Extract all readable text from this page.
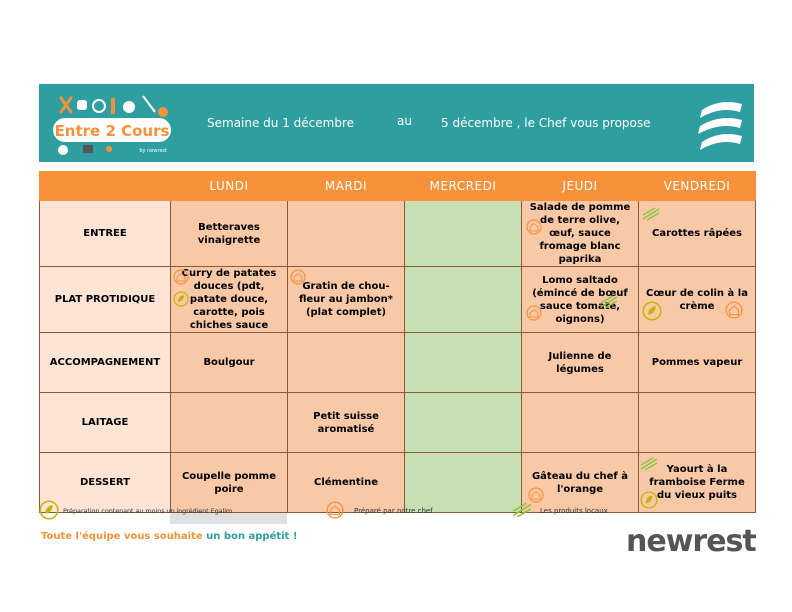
Entre 2 Cours
by newrest
Semaine du 1 décembre	au 5 décembre , le Chef vous propose
	LUNDI	MARDI	MERCREDI	JEUDI	VENDREDI
ENTREE	Betteraves vinaigrette			Salade de pomme de terre olive, œuf, sauce fromage blanc paprika	Carottes râpées

PLAT PROTIDIQUE	Curry de patates douces (pdt, patate douce, carotte, pois chiches sauce	Gratin de chou-fleur au jambon* (plat complet)		Lomo saltado (émincé de bœuf sauce tomate, oignons)	Cœur de colin à la crème

ACCOMPAGNEMENT	Boulgour			Julienne de légumes	Pommes vapeur
LAITAGE		Petit suisse aromatisé			
DESSERT	Coupelle pomme poire	Clémentine		Gâteau du chef à l'orange	Yaourt à la framboise Ferme du vieux puits
Préparation contenant au moins un ingrédient Egalim	Préparé par notre chef	Les produits locaux
Toute l'équipe vous souhaite un bon appétit !	newrest
